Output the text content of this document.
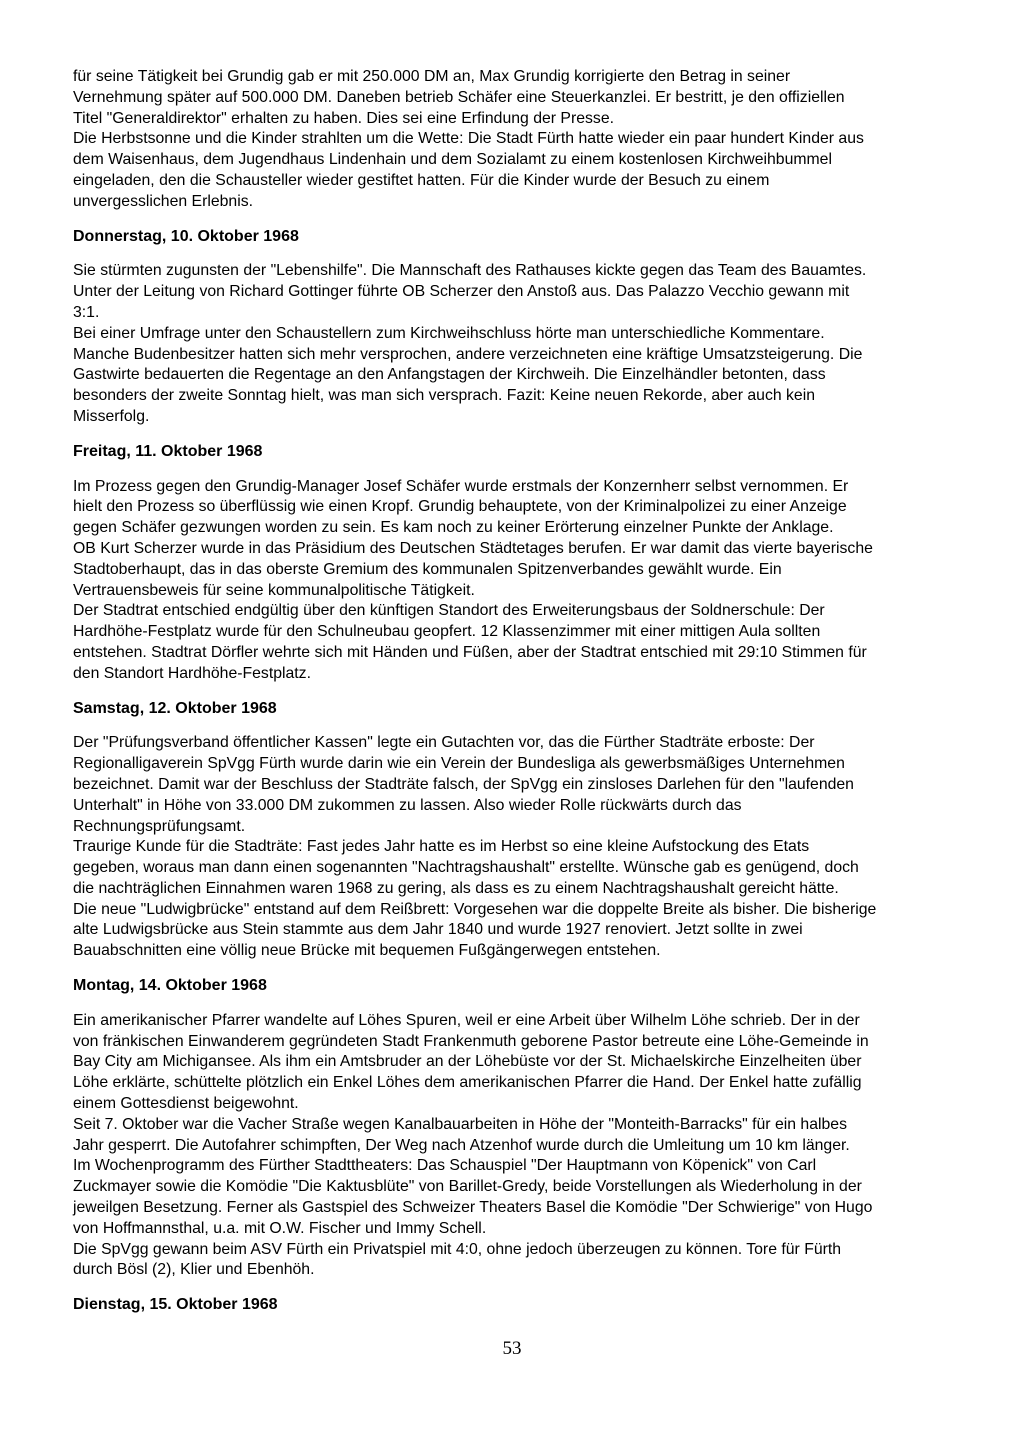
für seine Tätigkeit bei Grundig gab er mit 250.000 DM an, Max Grundig korrigierte den Betrag in seiner
Vernehmung später auf 500.000 DM. Daneben betrieb Schäfer eine Steuerkanzlei. Er bestritt, je den offiziellen
Titel "Generaldirektor" erhalten zu haben. Dies sei eine Erfindung der Presse.
Die Herbstsonne und die Kinder strahlten um die Wette: Die Stadt Fürth hatte wieder ein paar hundert Kinder aus
dem Waisenhaus, dem Jugendhaus Lindenhain und dem Sozialamt zu einem kostenlosen Kirchweihbummel
eingeladen, den die Schausteller wieder gestiftet hatten. Für die Kinder wurde der Besuch zu einem
unvergesslichen Erlebnis.
Donnerstag, 10. Oktober 1968
Sie stürmten zugunsten der "Lebenshilfe". Die Mannschaft des Rathauses kickte gegen das Team des Bauamtes.
Unter der Leitung von Richard Gottinger führte OB Scherzer den Anstoß aus. Das Palazzo Vecchio gewann mit
3:1.
Bei einer Umfrage unter den Schaustellern zum Kirchweihschluss hörte man unterschiedliche Kommentare.
Manche Budenbesitzer hatten sich mehr versprochen, andere verzeichneten eine kräftige Umsatzsteigerung. Die
Gastwirte bedauerten die Regentage an den Anfangstagen der Kirchweih. Die Einzelhändler betonten, dass
besonders der zweite Sonntag hielt, was man sich versprach. Fazit: Keine neuen Rekorde, aber auch kein
Misserfolg.
Freitag, 11. Oktober 1968
Im Prozess gegen den Grundig-Manager Josef Schäfer wurde erstmals der Konzernherr selbst vernommen. Er
hielt den Prozess so überflüssig wie einen Kropf. Grundig behauptete, von der Kriminalpolizei zu einer Anzeige
gegen Schäfer gezwungen worden zu sein. Es kam noch zu keiner Erörterung einzelner Punkte der Anklage.
OB Kurt Scherzer wurde in das Präsidium des Deutschen Städtetages berufen. Er war damit das vierte bayerische
Stadtoberhaupt, das in das oberste Gremium des kommunalen Spitzenverbandes gewählt wurde. Ein
Vertrauensbeweis für seine kommunalpolitische Tätigkeit.
Der Stadtrat entschied endgültig über den künftigen Standort des Erweiterungsbaus der Soldnerschule: Der
Hardhöhe-Festplatz wurde für den Schulneubau geopfert. 12 Klassenzimmer mit einer mittigen Aula sollten
entstehen. Stadtrat Dörfler wehrte sich mit Händen und Füßen, aber der Stadtrat entschied mit 29:10 Stimmen für
den Standort Hardhöhe-Festplatz.
Samstag, 12. Oktober 1968
Der "Prüfungsverband öffentlicher Kassen" legte ein Gutachten vor, das die Fürther Stadträte erboste: Der
Regionalligaverein SpVgg Fürth wurde darin wie ein Verein der Bundesliga als gewerbsmäßiges Unternehmen
bezeichnet. Damit war der Beschluss der Stadträte falsch, der SpVgg ein zinsloses Darlehen für den "laufenden
Unterhalt" in Höhe von 33.000 DM zukommen zu lassen. Also wieder Rolle rückwärts durch das
Rechnungsprüfungsamt.
Traurige Kunde für die Stadträte: Fast jedes Jahr hatte es im Herbst so eine kleine Aufstockung des Etats
gegeben, woraus man dann einen sogenannten "Nachtragshaushalt" erstellte. Wünsche gab es genügend, doch
die nachträglichen Einnahmen waren 1968 zu gering, als dass es zu einem Nachtragshaushalt gereicht hätte.
Die neue "Ludwigbrücke" entstand auf dem Reißbrett: Vorgesehen war die doppelte Breite als bisher. Die bisherige
alte Ludwigsbrücke aus Stein stammte aus dem Jahr 1840 und wurde 1927 renoviert. Jetzt sollte in zwei
Bauabschnitten eine völlig neue Brücke mit bequemen Fußgängerwegen entstehen.
Montag, 14. Oktober 1968
Ein amerikanischer Pfarrer wandelte auf Löhes Spuren, weil er eine Arbeit über Wilhelm Löhe schrieb. Der in der
von fränkischen Einwanderem gegründeten Stadt Frankenmuth geborene Pastor betreute eine Löhe-Gemeinde in
Bay City am Michigansee. Als ihm ein Amtsbruder an der Löhebüste vor der St. Michaelskirche Einzelheiten über
Löhe erklärte, schüttelte plötzlich ein Enkel Löhes dem amerikanischen Pfarrer die Hand. Der Enkel hatte zufällig
einem Gottesdienst beigewohnt.
Seit 7. Oktober war die Vacher Straße wegen Kanalbauarbeiten in Höhe der "Monteith-Barracks" für ein halbes
Jahr gesperrt. Die Autofahrer schimpften, Der Weg nach Atzenhof wurde durch die Umleitung um 10 km länger.
Im Wochenprogramm des Fürther Stadttheaters: Das Schauspiel "Der Hauptmann von Köpenick" von Carl
Zuckmayer sowie die Komödie "Die Kaktusblüte" von Barillet-Gredy, beide Vorstellungen als Wiederholung in der
jeweilgen Besetzung. Ferner als Gastspiel des Schweizer Theaters Basel die Komödie "Der Schwierige" von Hugo
von Hoffmannsthal, u.a. mit O.W. Fischer und Immy Schell.
Die SpVgg gewann beim ASV Fürth ein Privatspiel mit 4:0, ohne jedoch überzeugen zu können. Tore für Fürth
durch Bösl (2), Klier und Ebenhöh.
Dienstag, 15. Oktober 1968
53
